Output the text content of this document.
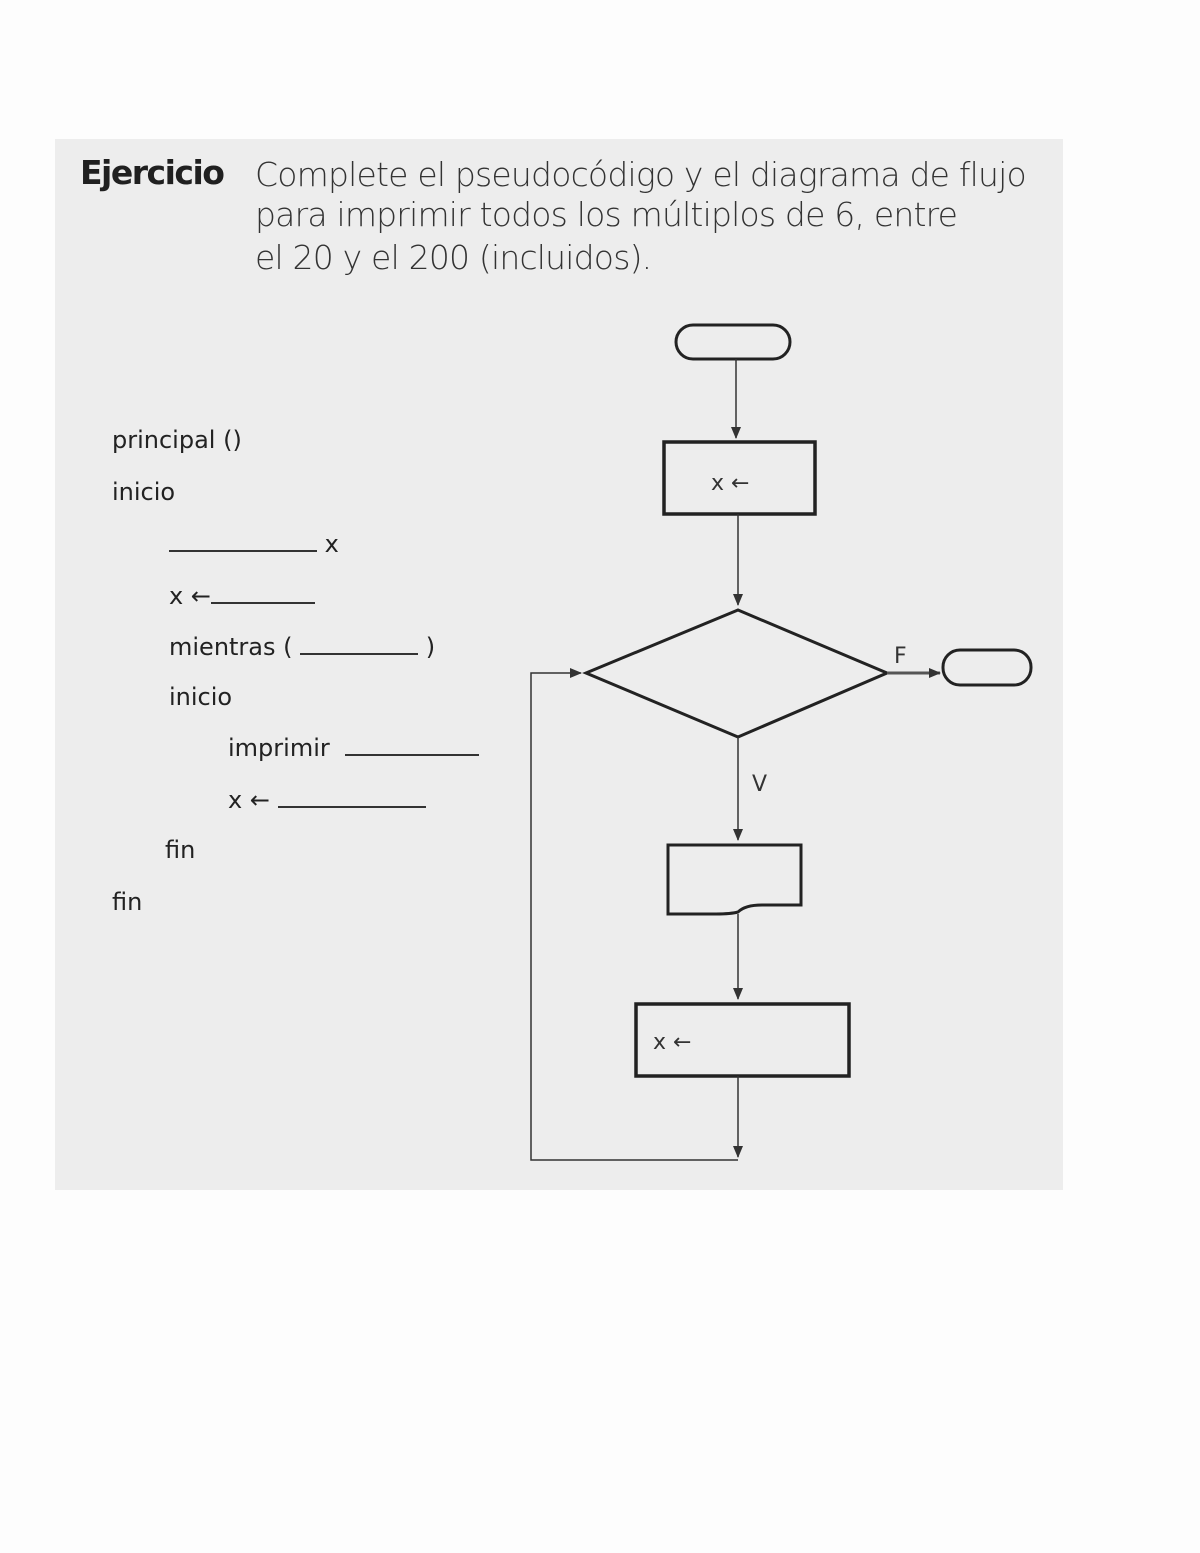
Ejercicio Complete el pseudocódigo y el diagrama de flujo
para imprimir todos los múltiplos de 6, entre
el 20 y el 200 (incluidos).
principal ()
inicio
x
x ←
mientras (	)
inicio
imprimir
x ←
fin
fin
x ←
F
V
x ←
